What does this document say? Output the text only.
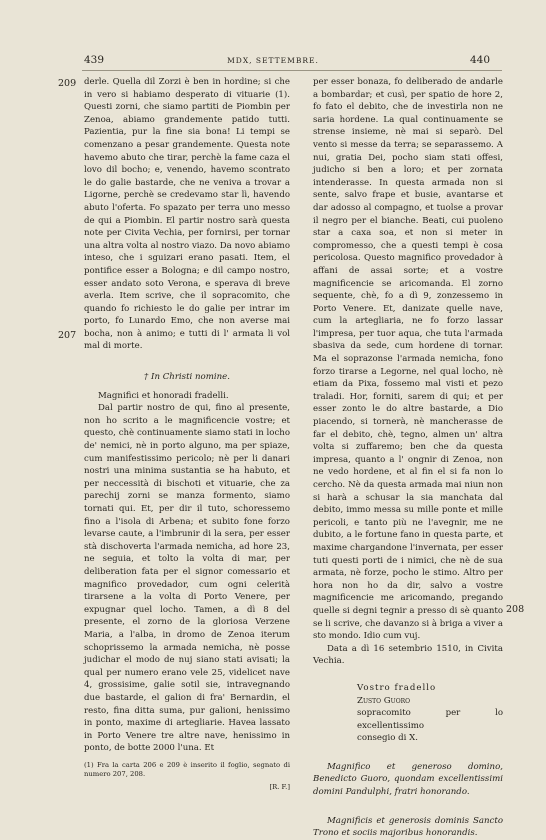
439	MDX, SETTEMBRE.	440
209
207
208

derle. Quella dil Zorzi è ben in hordine; si che in vero si habiamo desperato di vituarie (1). Questi zorni, che siamo partiti de Piombin per Zenoa, abiamo grandemente patido tutti. Pazientia, pur la fine sia bona! Li tempi se comenzano a pesar grandemente. Questa note havemo abuto che tirar, perchè la fame caza el lovo dil bocho; e, venendo, havemo scontrato le do galie bastarde, che ne veniva a trovar a Ligorne, perchè se credevamo star lì, havendo abuto l'oferta. Fo spazato per terra uno messo de qui a Piombin. El partir nostro sarà questa note per Civita Vechia, per fornirsi, per tornar una altra volta al nostro viazo. Da novo abiamo inteso, che i sguizari erano pasati. Item, el pontifice esser a Bologna; e dil campo nostro, esser andato soto Verona, e sperava di breve averla. Item scrive, che il sopracomito, che quando fo richiesto le do galie per intrar im porto, fo Lunardo Emo, che non averse mai bocha, non à animo; e tutti di l' armata li vol mal di morte.

† In Christi nomine.

Magnifici et honoradi fradelli.

Dal partir nostro de qui, fino al presente, non ho scrito a le magnificencie vostre; et questo, chè continuamente siamo stati in locho de' nemici, nè in porto alguno, ma per spiaze, cum manifestissimo pericolo; nè per li danari nostri una minima sustantia se ha habuto, et per neccessità di bischoti et vituarie, che za parechij zorni se manza formento, siamo tornati qui. Et, per dir il tuto, schoressemo fino a l'isola di Arbena; et subito fone forzo levarse caute, a l'imbrunir di la sera, per esser stà dischoverta l'armada nemicha, ad hore 23, ne seguia, et tolto la volta di mar, per deliberation fata per el signor comessario et magnifico provedador, cum ogni celerità tirarsene a la volta di Porto Venere, per expugnar quel locho. Tamen, a dì 8 del presente, el zorno de la gloriosa Verzene Maria, a l'alba, in dromo de Zenoa iterum schoprissemo la armada nemicha, nè posse judichar el modo de nuj siano stati avisati; la qual per numero erano vele 25, videlicet nave 4, grossisime, galie sotil sie, intravegnando due bastarde, el galion di fra' Bernardin, el resto, fina ditta suma, pur galioni, henissimo in ponto, maxime di artegliarie. Havea lassato in Porto Venere tre altre nave, henissimo in ponto, de botte 2000 l'una. Et

(1) Fra la carta 206 e 209 è inserito il foglio, segnato di numero 207, 208.

[R. F.]

per esser bonaza, fo deliberado de andarle a bombardar; et cusì, per spatio de hore 2, fo fato el debito, che de investirla non ne saria hordene. La qual continuamente se strense insieme, nè mai si separò. Del vento si messe da terra; se separassemo. A nui, gratia Dei, pocho siam stati offesi, judicho si ben a loro; et per zornata intenderasse. In questa armada non si sente, salvo frape et busie, avantarse et dar adosso al compagno, et tuolse a provar il negro per el bianche. Beati, cui puoleno star a caxa soa, et non si meter in compromesso, che a questi tempi è cosa pericolosa. Questo magnifico provedador à affani de assai sorte; et a vostre magnificencie se aricomanda. El zorno sequente, chè, fo a dì 9, zonzessemo in Porto Venere. Et, danizate quelle nave, cum la artegliaria, ne fo forzo lassar l'impresa, per tuor aqua, che tuta l'armada sbasiva da sede, cum hordene di tornar. Ma el soprazonse l'armada nemicha, fono forzo tirarse a Legorne, nel qual locho, nè etiam da Pixa, fossemo mal visti et pezo traladi. Hor, forniti, sarem di qui; et per esser zonto le do altre bastarde, a Dio piacendo, si tornerà, nè mancherasse de far el debito, chè, tegno, almen un' altra volta si zuffaremo; ben che da questa impresa, quanto a l' ongnir di Zenoa, non ne vedo hordene, et al fin el si fa non lo cercho. Nè da questa armada mai niun non si harà a schusar la sia manchata dal debito, immo messa su mille ponte et mille pericoli, e tanto più ne l'avegnir, me ne dubito, a le fortune fano in questa parte, et maxime chargandone l'invernata, per esser tuti questi porti de i nimici, che nè de sua armata, nè forze, pocho le stimo. Altro per hora non ho da dir, salvo a vostre magnificencie me aricomando, pregando quelle si degni tegnir a presso di sè quanto se li scrive, che davanzo si à briga a viver a sto mondo. Idio cum vuj.

Data a dì 16 setembrio 1510, in Civita Vechia.

Vostro fradello
Zusto Guoro
sopracomito per lo excellentissimo
consegio di X.

Magnifico et generoso domino, Benedicto Guoro, quondam excellentissimi domini Pandulphi, fratri honorando.

Magnificis et generosis dominis Sancto Trono et sociis majoribus honorandis.
